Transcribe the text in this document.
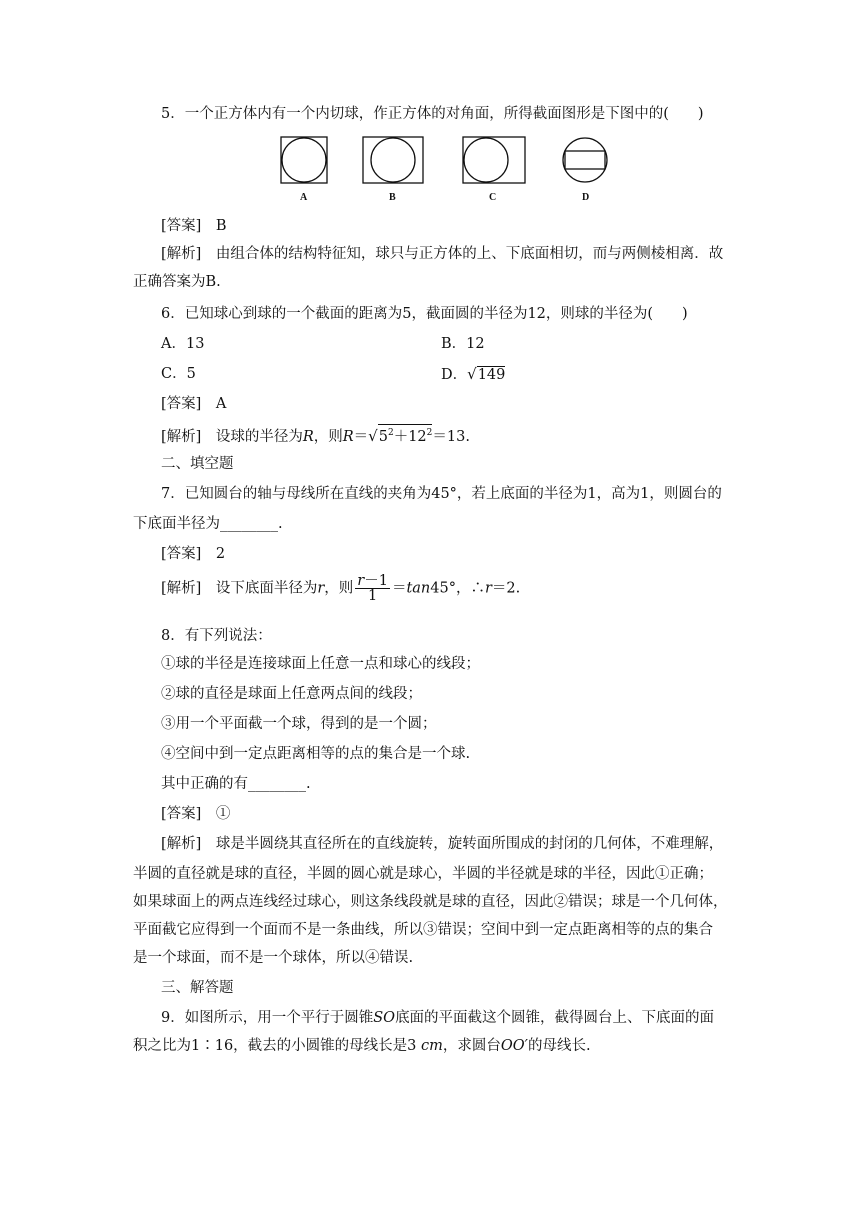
5．一个正方体内有一个内切球，作正方体的对角面，所得截面图形是下图中的(　　)
A	B	C	D
[答案]　B
[解析]　由组合体的结构特征知，球只与正方体的上、下底面相切，而与两侧棱相离．故
正确答案为B.
6．已知球心到球的一个截面的距离为5，截面圆的半径为12，则球的半径为(　　)
A．13	B．12
C．5	D．√149
[答案]　A
[解析]　设球的半径为R，则$R=√5^2+12^2=13$.
二、填空题
7．已知圆台的轴与母线所在直线的夹角为45°，若上底面的半径为1，高为1，则圆台的
下底面半径为________.
[答案]　2
[解析]　设下底面半径为r，则 $\frac{r-1}{1} =\tan 45^\circ$，∴r＝2.
8．有下列说法：
①球的半径是连接球面上任意一点和球心的线段；
②球的直径是球面上任意两点间的线段；
③用一个平面截一个球，得到的是一个圆；
④空间中到一定点距离相等的点的集合是一个球.
其中正确的有________.
[答案]　①
[解析]　球是半圆绕其直径所在的直线旋转，旋转面所围成的封闭的几何体，不难理解，
半圆的直径就是球的直径，半圆的圆心就是球心，半圆的半径就是球的半径，因此①正确；
如果球面上的两点连线经过球心，则这条线段就是球的直径，因此②错误；球是一个几何体，
平面截它应得到一个面而不是一条曲线，所以③错误；空间中到一定点距离相等的点的集合
是一个球面，而不是一个球体，所以④错误.
三、解答题
9．如图所示，用一个平行于圆锥SO底面的平面截这个圆锥，截得圆台上、下底面的面
积之比为1∶16，截去的小圆锥的母线长是3 cm，求圆台OO′的母线长.
